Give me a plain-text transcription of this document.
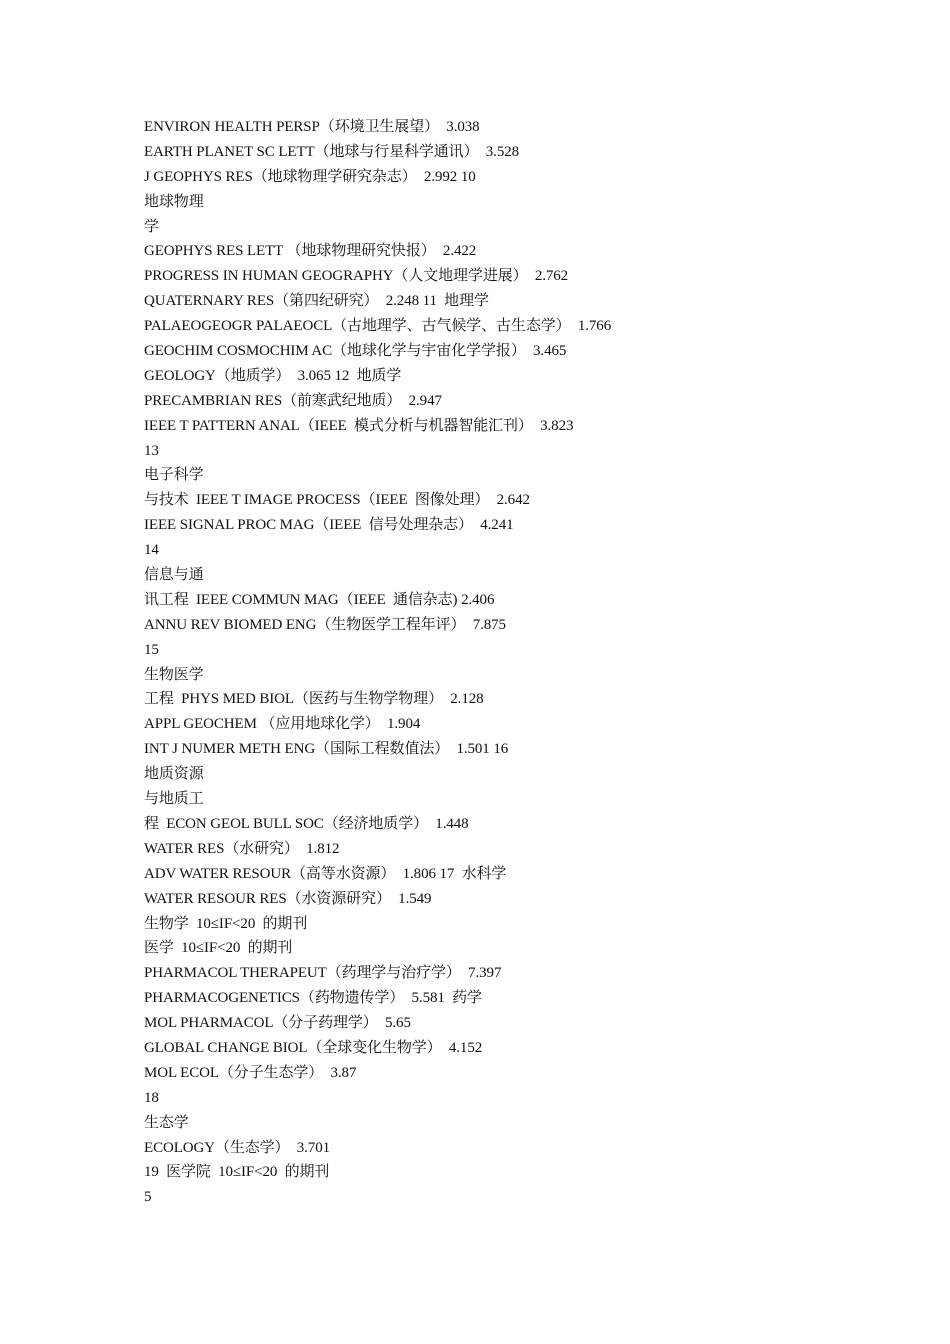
ENVIRON HEALTH PERSP（环境卫生展望）  3.038
EARTH PLANET SC LETT（地球与行星科学通讯）  3.528
J GEOPHYS RES（地球物理学研究杂志）  2.992 10
地球物理
学
GEOPHYS RES LETT （地球物理研究快报）  2.422
PROGRESS IN HUMAN GEOGRAPHY（人文地理学进展）  2.762
QUATERNARY RES（第四纪研究）  2.248 11  地理学
PALAEOGEOGR PALAEOCL（古地理学、古气候学、古生态学）  1.766
GEOCHIM COSMOCHIM AC（地球化学与宇宙化学学报）  3.465
GEOLOGY（地质学）  3.065 12  地质学
PRECAMBRIAN RES（前寒武纪地质）  2.947
IEEE T PATTERN ANAL（IEEE  模式分析与机器智能汇刊）  3.823
13
电子科学
与技术  IEEE T IMAGE PROCESS（IEEE  图像处理）  2.642
IEEE SIGNAL PROC MAG（IEEE  信号处理杂志）  4.241
14
信息与通
讯工程  IEEE COMMUN MAG（IEEE  通信杂志) 2.406
ANNU REV BIOMED ENG（生物医学工程年评）  7.875
15
生物医学
工程  PHYS MED BIOL（医药与生物学物理）  2.128
APPL GEOCHEM （应用地球化学）  1.904
INT J NUMER METH ENG（国际工程数值法）  1.501 16
地质资源
与地质工
程  ECON GEOL BULL SOC（经济地质学）  1.448
WATER RES（水研究）  1.812
ADV WATER RESOUR（高等水资源）  1.806 17  水科学
WATER RESOUR RES（水资源研究）  1.549
生物学  10≤IF<20  的期刊
医学  10≤IF<20  的期刊
PHARMACOL THERAPEUT（药理学与治疗学）  7.397
PHARMACOGENETICS（药物遗传学）  5.581  药学
MOL PHARMACOL（分子药理学）  5.65
GLOBAL CHANGE BIOL（全球变化生物学）  4.152
MOL ECOL（分子生态学）  3.87
18
生态学
ECOLOGY（生态学）  3.701
19  医学院  10≤IF<20  的期刊
5
